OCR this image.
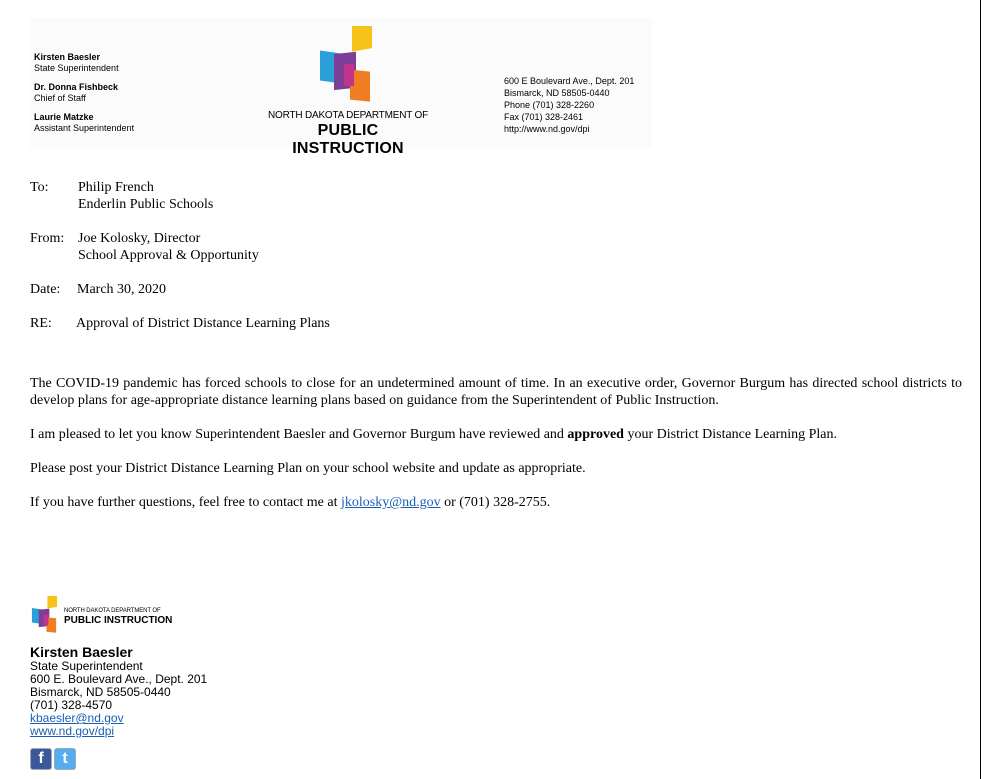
Kirsten Baesler
State Superintendent
Dr. Donna Fishbeck
Chief of Staff
Laurie Matzke
Assistant Superintendent
NORTH DAKOTA DEPARTMENT OF
PUBLIC INSTRUCTION
600 E Boulevard Ave., Dept. 201
Bismarck, ND 58505-0440
Phone (701) 328-2260
Fax (701) 328-2461
http://www.nd.gov/dpi
To: Philip French
Enderlin Public Schools
From: Joe Kolosky, Director
School Approval & Opportunity
Date: March 30, 2020
RE: Approval of District Distance Learning Plans
The COVID-19 pandemic has forced schools to close for an undetermined amount of time. In an executive order, Governor Burgum has directed school districts to develop plans for age-appropriate distance learning plans based on guidance from the Superintendent of Public Instruction.
I am pleased to let you know Superintendent Baesler and Governor Burgum have reviewed and approved your District Distance Learning Plan.
Please post your District Distance Learning Plan on your school website and update as appropriate.
If you have further questions, feel free to contact me at jkolosky@nd.gov or (701) 328-2755.
NORTH DAKOTA DEPARTMENT OF
PUBLIC INSTRUCTION
Kirsten Baesler
State Superintendent
600 E. Boulevard Ave., Dept. 201
Bismarck, ND 58505-0440
(701) 328-4570
kbaesler@nd.gov
www.nd.gov/dpi
f	t
